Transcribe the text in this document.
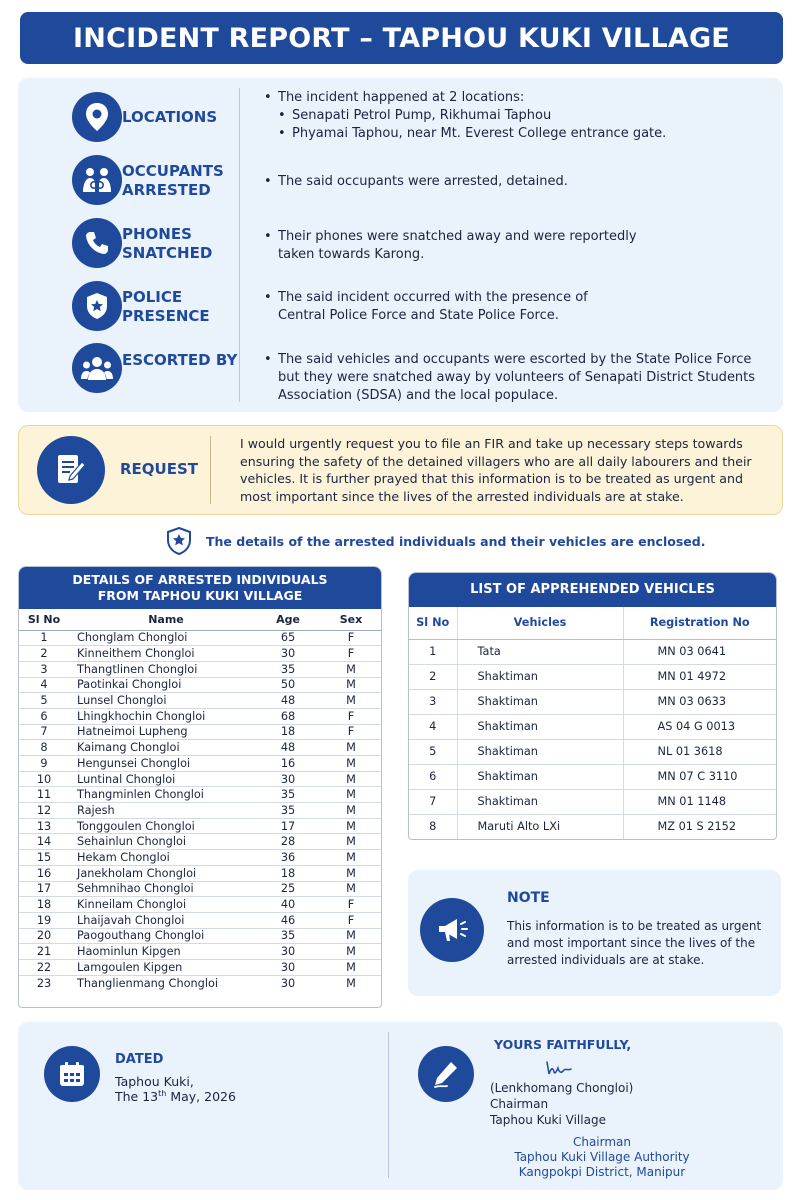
INCIDENT REPORT – TAPHOU KUKI VILLAGE
LOCATIONS
• The incident happened at 2 locations:
• Senapati Petrol Pump, Rikhumai Taphou
• Phyamai Taphou, near Mt. Everest College entrance gate.
OCCUPANTS
ARRESTED	• The said occupants were arrested, detained.
PHONES
SNATCHED
• Their phones were snatched away and were reportedly
taken towards Karong.
POLICE
PRESENCE
• The said incident occurred with the presence of
Central Police Force and State Police Force.
ESCORTED BY • The said vehicles and occupants were escorted by the State Police Force
but they were snatched away by volunteers of Senapati District Students
Association (SDSA) and the local populace.
REQUEST
I would urgently request you to file an FIR and take up necessary steps towards ensuring the safety of the detained villagers who are all daily labourers and their vehicles. It is further prayed that this information is to be treated as urgent and most important since the lives of the arrested individuals are at stake.
The details of the arrested individuals and their vehicles are enclosed.
DETAILS OF ARRESTED INDIVIDUALS
FROM TAPHOU KUKI VILLAGE
Sl No	Name	Age	Sex
1	Chonglam Chongloi	65	F
2	Kinneithem Chongloi	30	F
3	Thangtlinen Chongloi	35	M
4	Paotinkai Chongloi	50	M
5	Lunsel Chongloi	48	M
6	Lhingkhochin Chongloi	68	F
7	Hatneimoi Lupheng	18	F
8	Kaimang Chongloi	48	M
9	Hengunsei Chongloi	16	M
10	Luntinal Chongloi	30	M
11	Thangminlen Chongloi	35	M
12	Rajesh	35	M
13	Tonggoulen Chongloi	17	M
14	Sehainlun Chongloi	28	M
15	Hekam Chongloi	36	M
16	Janekholam Chongloi	18	M
17	Sehmnihao Chongloi	25	M
18	Kinneilam Chongloi	40	F
19	Lhaijavah Chongloi	46	F
20	Paogouthang Chongloi	35	M
21	Haominlun Kipgen	30	M
22	Lamgoulen Kipgen	30	M
23	Thanglienmang Chongloi	30	M
LIST OF APPREHENDED VEHICLES
Sl No	Vehicles	Registration No
1	Tata	MN 03 0641
2	Shaktiman	MN 01 4972
3	Shaktiman	MN 03 0633
4	Shaktiman	AS 04 G 0013
5	Shaktiman	NL 01 3618
6	Shaktiman	MN 07 C 3110
7	Shaktiman	MN 01 1148
8	Maruti Alto LXi	MZ 01 S 2152
NOTE
This information is to be treated as urgent and most important since the lives of the arrested individuals are at stake.
DATED
Taphou Kuki,
The 13th May, 2026
YOURS FAITHFULLY,
(Lenkhomang Chongloi)
Chairman
Taphou Kuki Village
Chairman
Taphou Kuki Village Authority
Kangpokpi District, Manipur
